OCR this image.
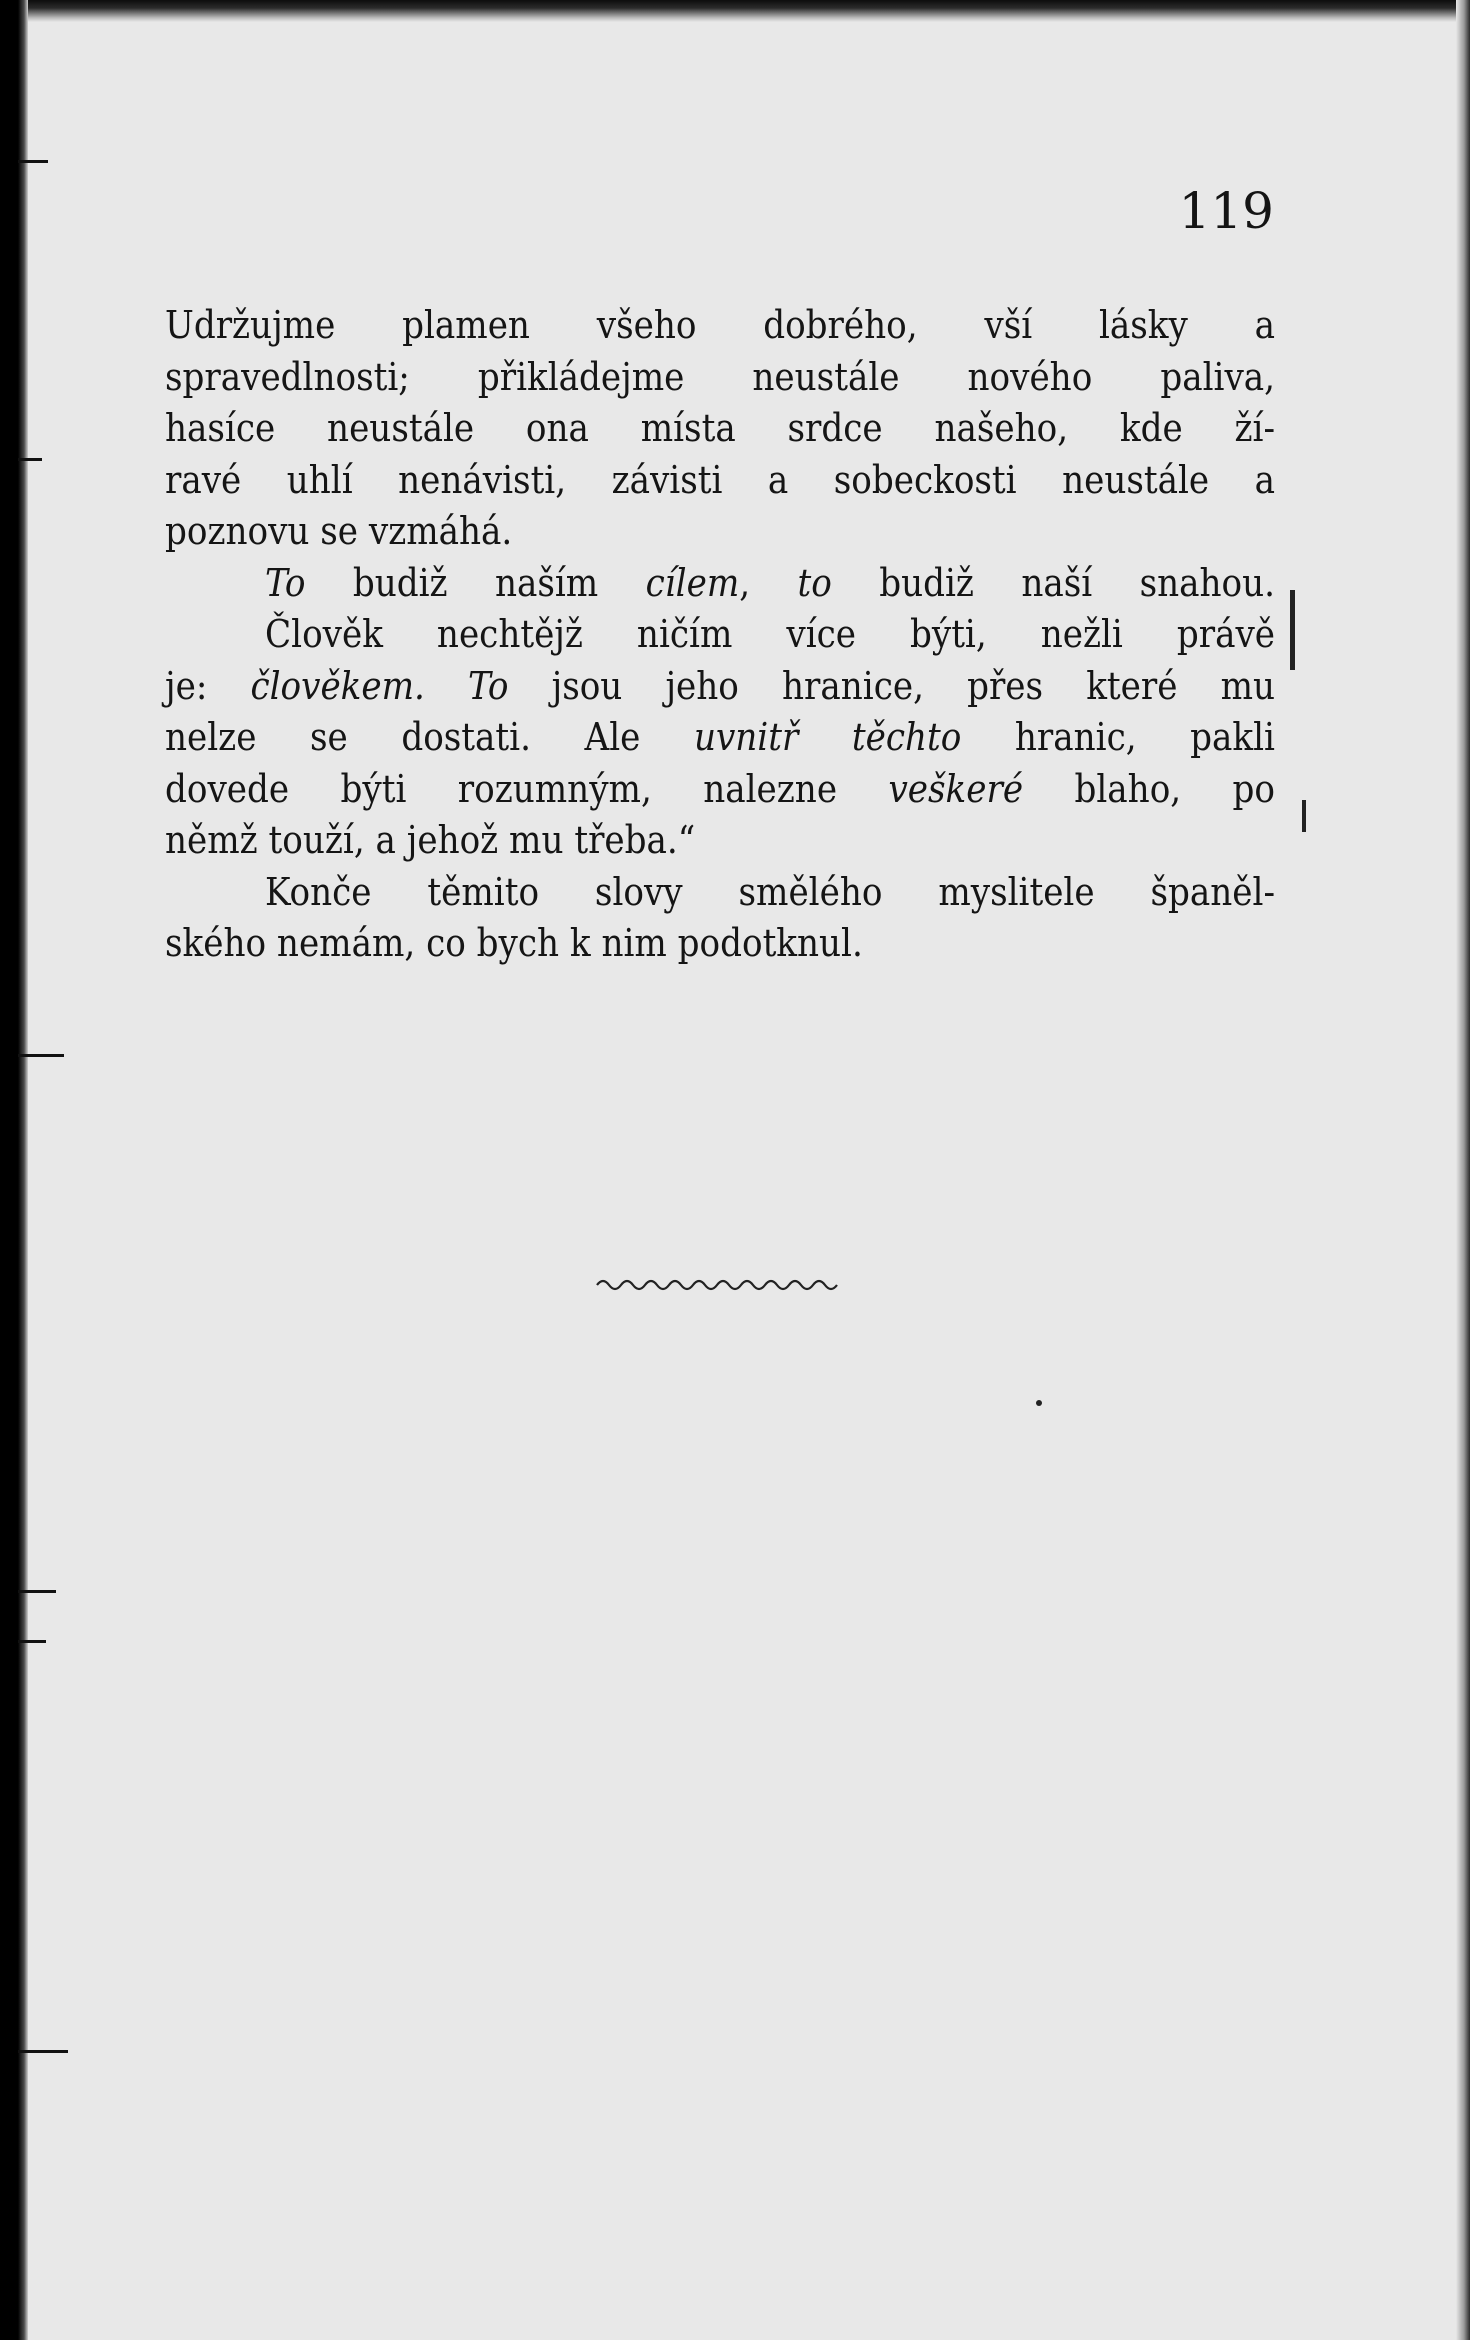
119

Udržujme plamen všeho dobrého, vší lásky a
spravedlnosti; přikládejme neustále nového paliva,
hasíce neustále ona místa srdce našeho, kde ží-
ravé uhlí nenávisti, závisti a sobeckosti neustále a
poznovu se vzmáhá.
To budiž naším cílem, to budiž naší snahou.
Člověk nechtějž ničím více býti, nežli právě
je: člověkem. To jsou jeho hranice, přes které mu
nelze se dostati. Ale uvnitř těchto hranic, pakli
dovede býti rozumným, nalezne veškeré blaho, po
němž touží, a jehož mu třeba.“
Konče těmito slovy smělého myslitele španěl-
ského nemám, co bych k nim podotknul.
